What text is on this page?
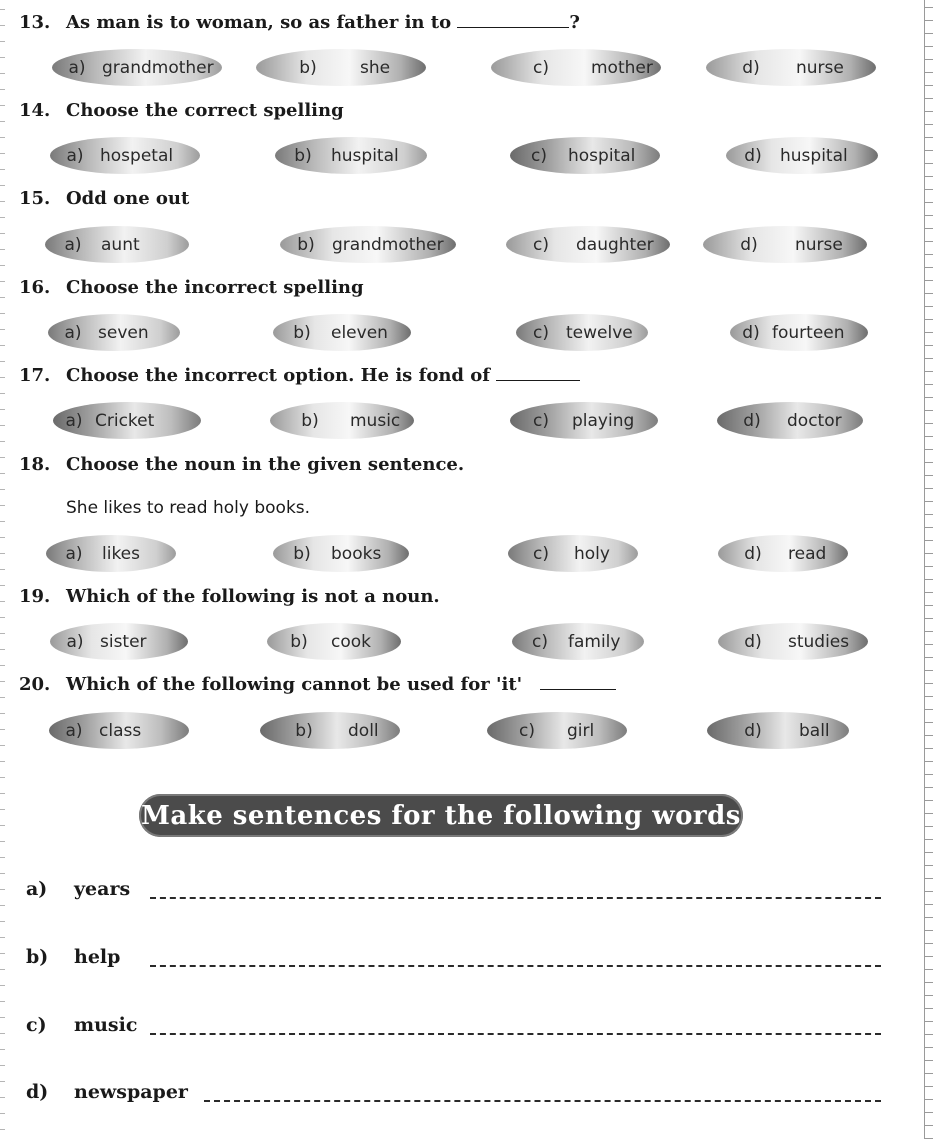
13. As man is to woman, so as father in to	?
a) grandmother	b)	she	c)	mother	d)	nurse
14. Choose the correct spelling
a) hospetal	b)	huspital	c)	hospital	d)	huspital
15. Odd one out
a)	aunt	b)	grandmother	c)	daughter	d)	nurse
16. Choose the incorrect spelling
a) seven	b)	eleven	c)	tewelve	d) fourteen
17. Choose the incorrect option. He is fond of
a) Cricket	b)	music	c)	playing	d)	doctor
18. Choose the noun in the given sentence.
She likes to read holy books.
a)	likes	b)	books	c)	holy	d)	read
19. Which of the following is not a noun.
a) sister	b)	cook	c)	family	d)	studies
20. Which of the following cannot be used for 'it'
a) class	b)	doll	c)	girl	d)	ball
Make sentences for the following words
a) years
b) help
c) music
d) newspaper
